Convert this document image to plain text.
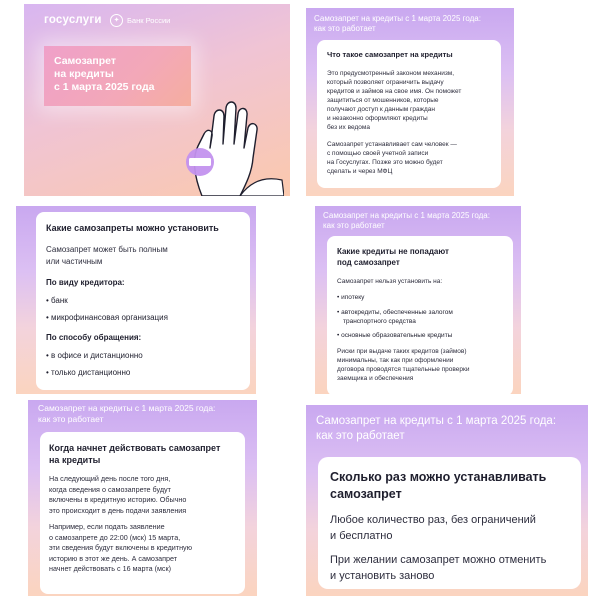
госуслуги	✦	Банк России
Самозапрет
на кредиты
с 1 марта 2025 года
Самозапрет на кредиты с 1 марта 2025 года:
как это работает
Что такое самозапрет на кредиты
Это предусмотренный законом механизм,
который позволяет ограничить выдачу
кредитов и займов на свое имя. Он поможет
защититься от мошенников, которые
получают доступ к данным граждан
и незаконно оформляют кредиты
без их ведома
Самозапрет устанавливает сам человек —
с помощью своей учетной записи
на Госуслугах. Позже это можно будет
сделать и через МФЦ
Какие самозапреты можно установить
Самозапрет может быть полным
или частичным
По виду кредитора:
• банк
• микрофинансовая организация
По способу обращения:
• в офисе и дистанционно
• только дистанционно
Самозапрет на кредиты с 1 марта 2025 года:
как это работает
Какие кредиты не попадают
под самозапрет
Самозапрет нельзя установить на:
• ипотеку
• автокредиты, обеспеченные залогом
транспортного средства
• основные образовательные кредиты
Риски при выдаче таких кредитов (займов)
минимальны, так как при оформлении
договора проводятся тщательные проверки
заемщика и обеспечения
Самозапрет на кредиты с 1 марта 2025 года:
как это работает
Когда начнет действовать самозапрет
на кредиты
На следующий день после того дня,
когда сведения о самозапрете будут
включены в кредитную историю. Обычно
это происходит в день подачи заявления
Например, если подать заявление
о самозапрете до 22:00 (мск) 15 марта,
эти сведения будут включены в кредитную
историю в этот же день. А самозапрет
начнет действовать с 16 марта (мск)
Самозапрет на кредиты с 1 марта 2025 года:
как это работает
Сколько раз можно устанавливать
самозапрет
Любое количество раз, без ограничений
и бесплатно
При желании самозапрет можно отменить
и установить заново
